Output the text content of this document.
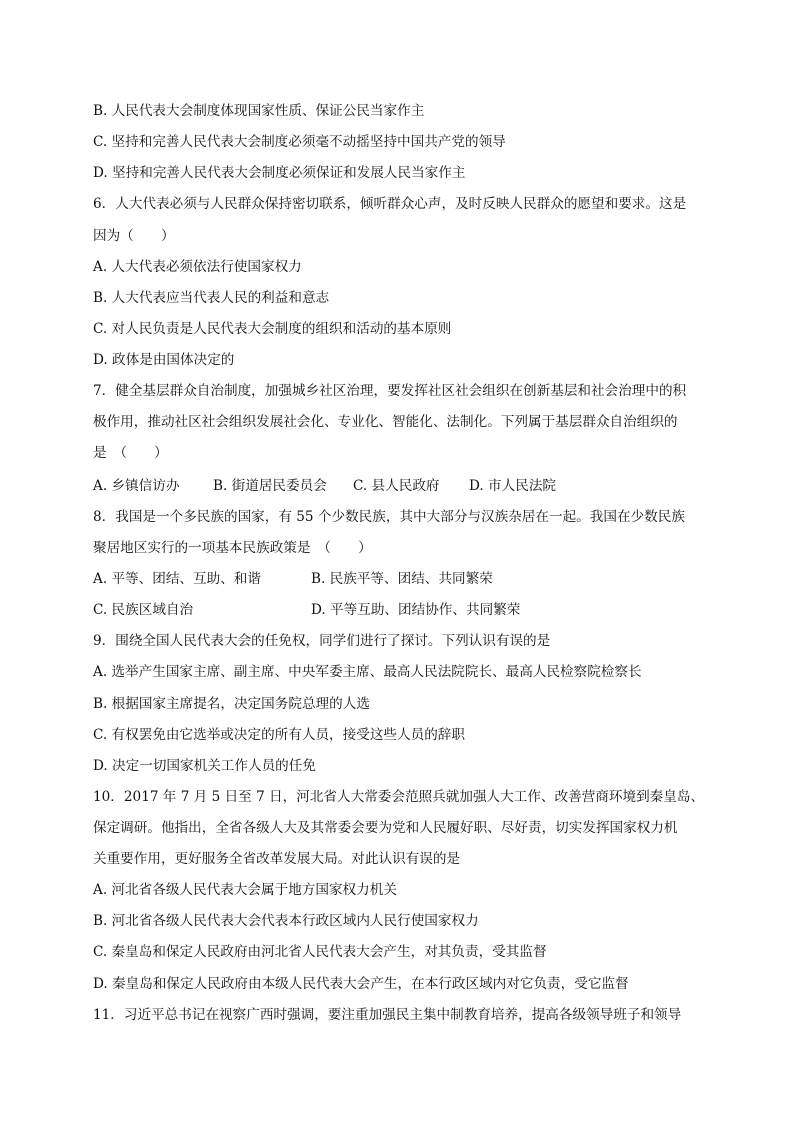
B. 人民代表大会制度体现国家性质、保证公民当家作主
C. 坚持和完善人民代表大会制度必须毫不动摇坚持中国共产党的领导
D. 坚持和完善人民代表大会制度必须保证和发展人民当家作主
6．人大代表必须与人民群众保持密切联系，倾听群众心声，及时反映人民群众的愿望和要求。这是
因为（　　）
A. 人大代表必须依法行使国家权力
B. 人大代表应当代表人民的利益和意志
C. 对人民负责是人民代表大会制度的组织和活动的基本原则
D. 政体是由国体决定的
7．健全基层群众自治制度，加强城乡社区治理，要发挥社区社会组织在创新基层和社会治理中的积
极作用，推动社区社会组织发展社会化、专业化、智能化、法制化。下列属于基层群众自治组织的
是　（　　）
A. 乡镇信访办 B. 街道居民委员会 C. 县人民政府 D. 市人民法院
8．我国是一个多民族的国家，有 55 个少数民族，其中大部分与汉族杂居在一起。我国在少数民族
聚居地区实行的一项基本民族政策是　（　　）
A. 平等、团结、互助、和谐	B. 民族平等、团结、共同繁荣
C. 民族区域自治	D. 平等互助、团结协作、共同繁荣
9．围绕全国人民代表大会的任免权，同学们进行了探讨。下列认识有误的是
A. 选举产生国家主席、副主席、中央军委主席、最高人民法院院长、最高人民检察院检察长
B. 根据国家主席提名，决定国务院总理的人选
C. 有权罢免由它选举或决定的所有人员，接受这些人员的辞职
D. 决定一切国家机关工作人员的任免
10．2017 年 7 月 5 日至 7 日，河北省人大常委会范照兵就加强人大工作、改善营商环境到秦皇岛、
保定调研。他指出，全省各级人大及其常委会要为党和人民履好职、尽好责，切实发挥国家权力机
关重要作用，更好服务全省改革发展大局。对此认识有误的是
A. 河北省各级人民代表大会属于地方国家权力机关
B. 河北省各级人民代表大会代表本行政区域内人民行使国家权力
C. 秦皇岛和保定人民政府由河北省人民代表大会产生，对其负责，受其监督
D. 秦皇岛和保定人民政府由本级人民代表大会产生，在本行政区域内对它负责，受它监督
11．习近平总书记在视察广西时强调，要注重加强民主集中制教育培养，提高各级领导班子和领导
